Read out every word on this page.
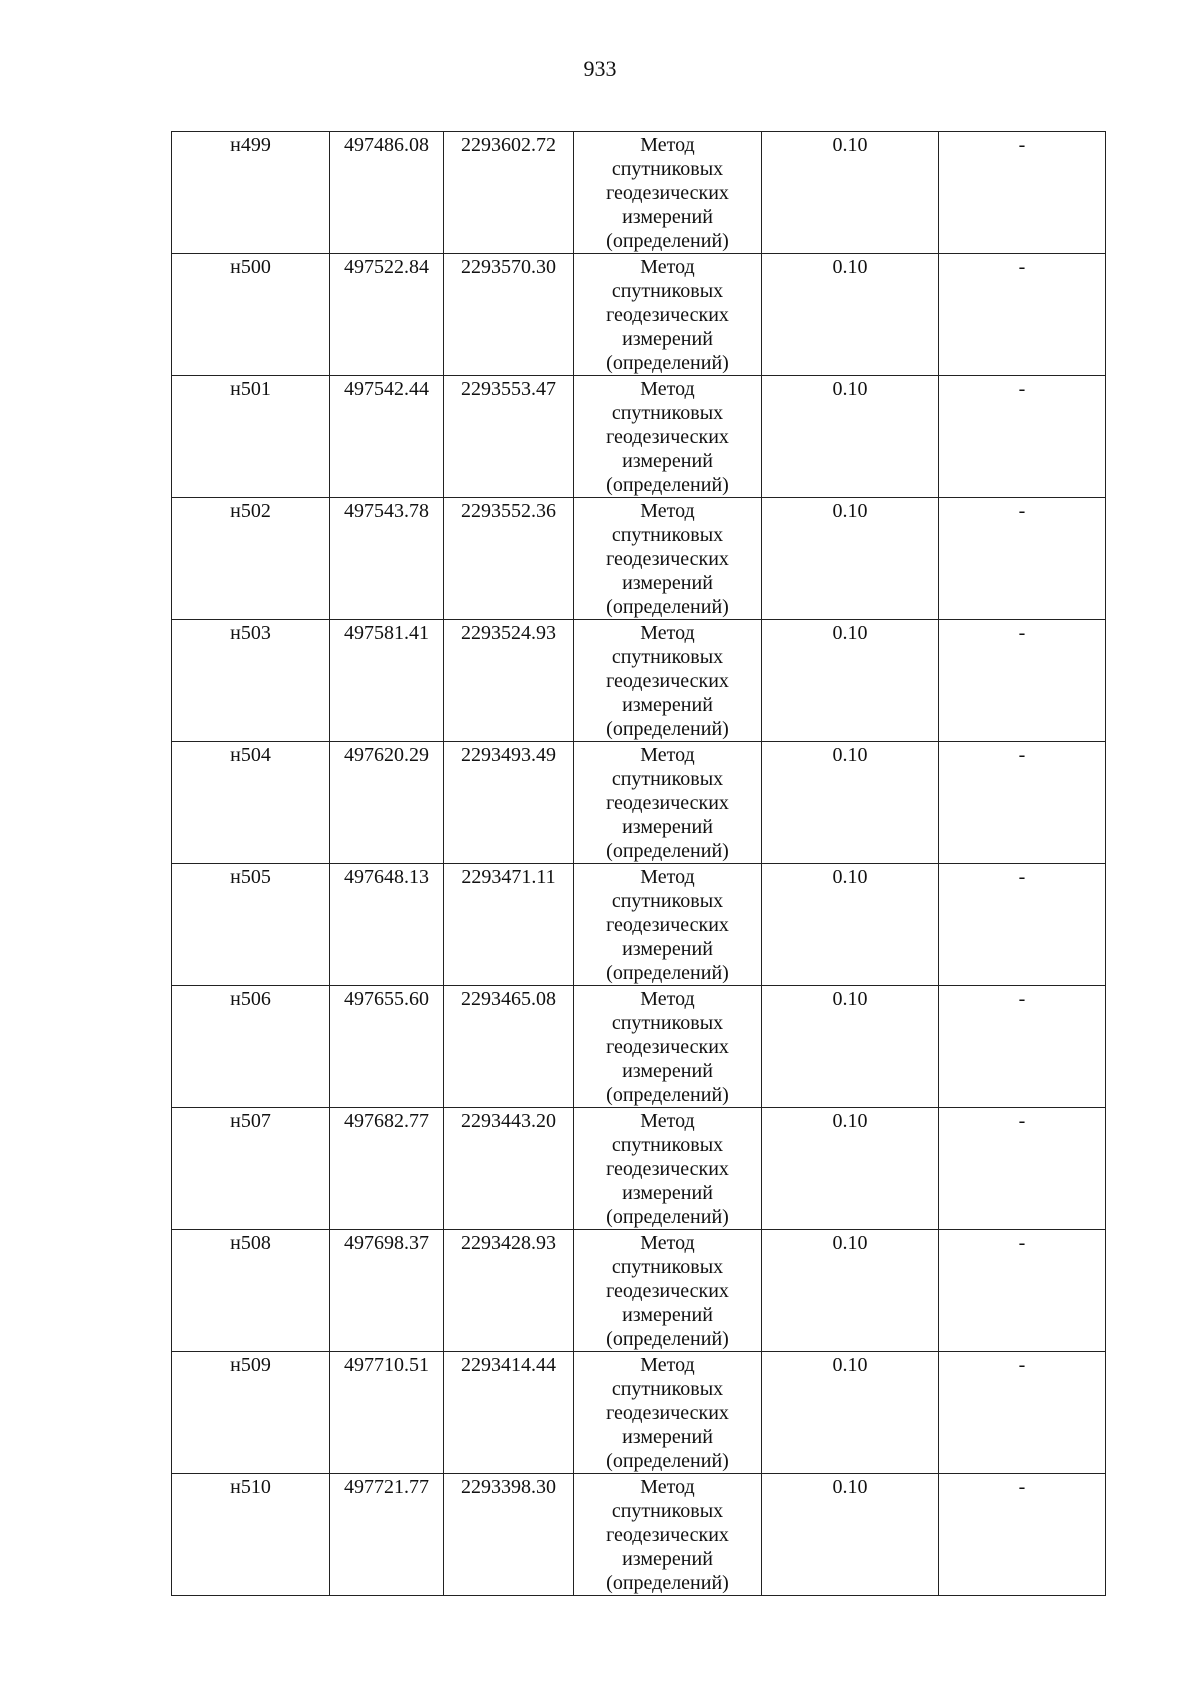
933
н499	497486.08	2293602.72	Метод
спутниковых
геодезических
измерений
(определений)	0.10	-

н500	497522.84	2293570.30	Метод
спутниковых
геодезических
измерений
(определений)	0.10	-

н501	497542.44	2293553.47	Метод
спутниковых
геодезических
измерений
(определений)	0.10	-

н502	497543.78	2293552.36	Метод
спутниковых
геодезических
измерений
(определений)	0.10	-

н503	497581.41	2293524.93	Метод
спутниковых
геодезических
измерений
(определений)	0.10	-

н504	497620.29	2293493.49	Метод
спутниковых
геодезических
измерений
(определений)	0.10	-

н505	497648.13	2293471.11	Метод
спутниковых
геодезических
измерений
(определений)	0.10	-

н506	497655.60	2293465.08	Метод
спутниковых
геодезических
измерений
(определений)	0.10	-

н507	497682.77	2293443.20	Метод
спутниковых
геодезических
измерений
(определений)	0.10	-

н508	497698.37	2293428.93	Метод
спутниковых
геодезических
измерений
(определений)	0.10	-

н509	497710.51	2293414.44	Метод
спутниковых
геодезических
измерений
(определений)	0.10	-

н510	497721.77	2293398.30	Метод
спутниковых
геодезических
измерений
(определений)	0.10	-
